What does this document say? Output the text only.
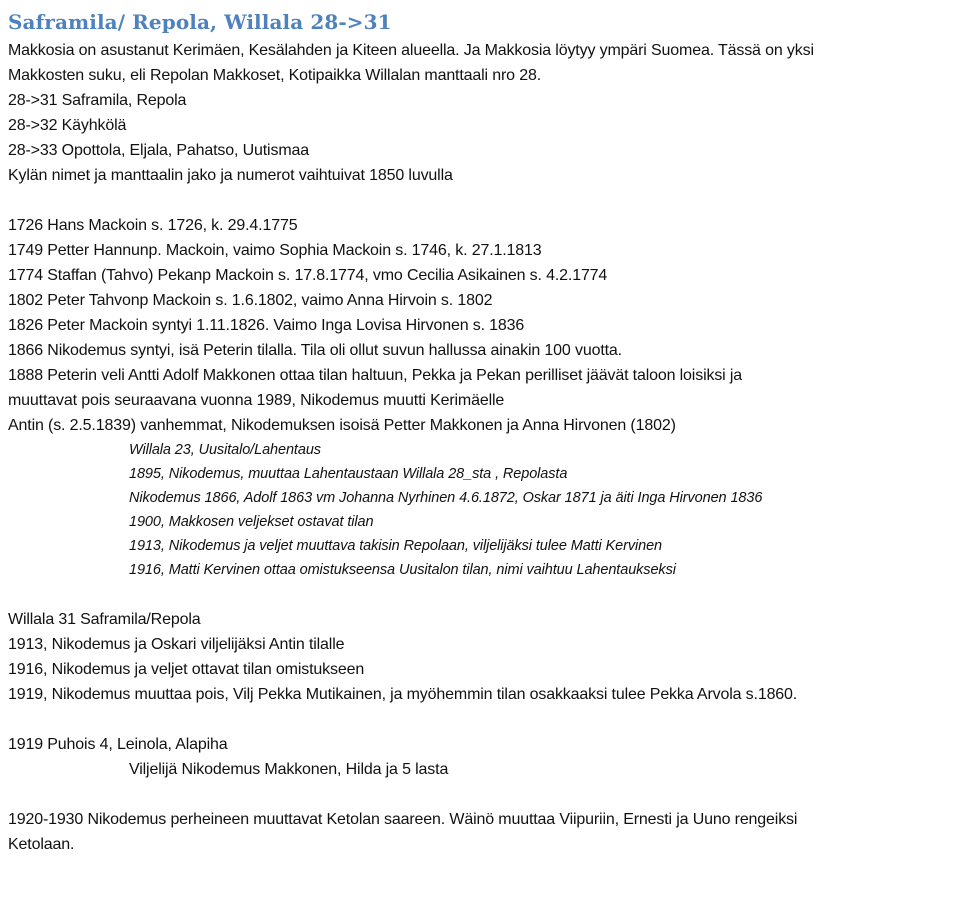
Saframila/ Repola, Willala 28->31

Makkosia on asustanut Kerimäen, Kesälahden ja Kiteen alueella. Ja Makkosia löytyy ympäri Suomea. Tässä on yksi

Makkosten suku, eli Repolan Makkoset, Kotipaikka Willalan manttaali nro 28.

28->31 Saframila, Repola

28->32 Käyhkölä

28->33 Opottola, Eljala, Pahatso, Uutismaa

Kylän nimet ja manttaalin jako ja numerot vaihtuivat 1850 luvulla

1726 Hans Mackoin s. 1726, k. 29.4.1775

1749 Petter Hannunp. Mackoin, vaimo Sophia Mackoin s. 1746, k. 27.1.1813

1774 Staffan (Tahvo) Pekanp Mackoin s. 17.8.1774, vmo Cecilia Asikainen s. 4.2.1774

1802 Peter Tahvonp Mackoin s. 1.6.1802, vaimo Anna Hirvoin s. 1802

1826 Peter Mackoin syntyi 1.11.1826. Vaimo Inga Lovisa Hirvonen s. 1836

1866 Nikodemus syntyi, isä Peterin tilalla. Tila oli ollut suvun hallussa ainakin 100 vuotta.

1888 Peterin veli Antti Adolf Makkonen ottaa tilan haltuun, Pekka ja Pekan perilliset jäävät taloon loisiksi ja

muuttavat pois seuraavana vuonna 1989, Nikodemus muutti Kerimäelle

Antin (s. 2.5.1839) vanhemmat, Nikodemuksen isoisä Petter Makkonen ja Anna Hirvonen (1802)

Willala 23, Uusitalo/Lahentaus

1895, Nikodemus, muuttaa Lahentaustaan Willala 28_sta , Repolasta

Nikodemus 1866, Adolf 1863 vm Johanna Nyrhinen 4.6.1872, Oskar 1871 ja äiti Inga Hirvonen 1836

1900, Makkosen veljekset ostavat tilan

1913, Nikodemus ja veljet muuttava takisin Repolaan, viljelijäksi tulee Matti Kervinen

1916, Matti Kervinen ottaa omistukseensa Uusitalon tilan, nimi vaihtuu Lahentaukseksi

Willala 31 Saframila/Repola

1913, Nikodemus ja Oskari viljelijäksi Antin tilalle

1916, Nikodemus ja veljet ottavat tilan omistukseen

1919, Nikodemus muuttaa pois, Vilj Pekka Mutikainen, ja myöhemmin tilan osakkaaksi tulee Pekka Arvola s.1860.

1919 Puhois 4, Leinola, Alapiha

Viljelijä Nikodemus Makkonen, Hilda ja 5 lasta

1920-1930 Nikodemus perheineen muuttavat Ketolan saareen. Wäinö muuttaa Viipuriin, Ernesti ja Uuno rengeiksi

Ketolaan.
